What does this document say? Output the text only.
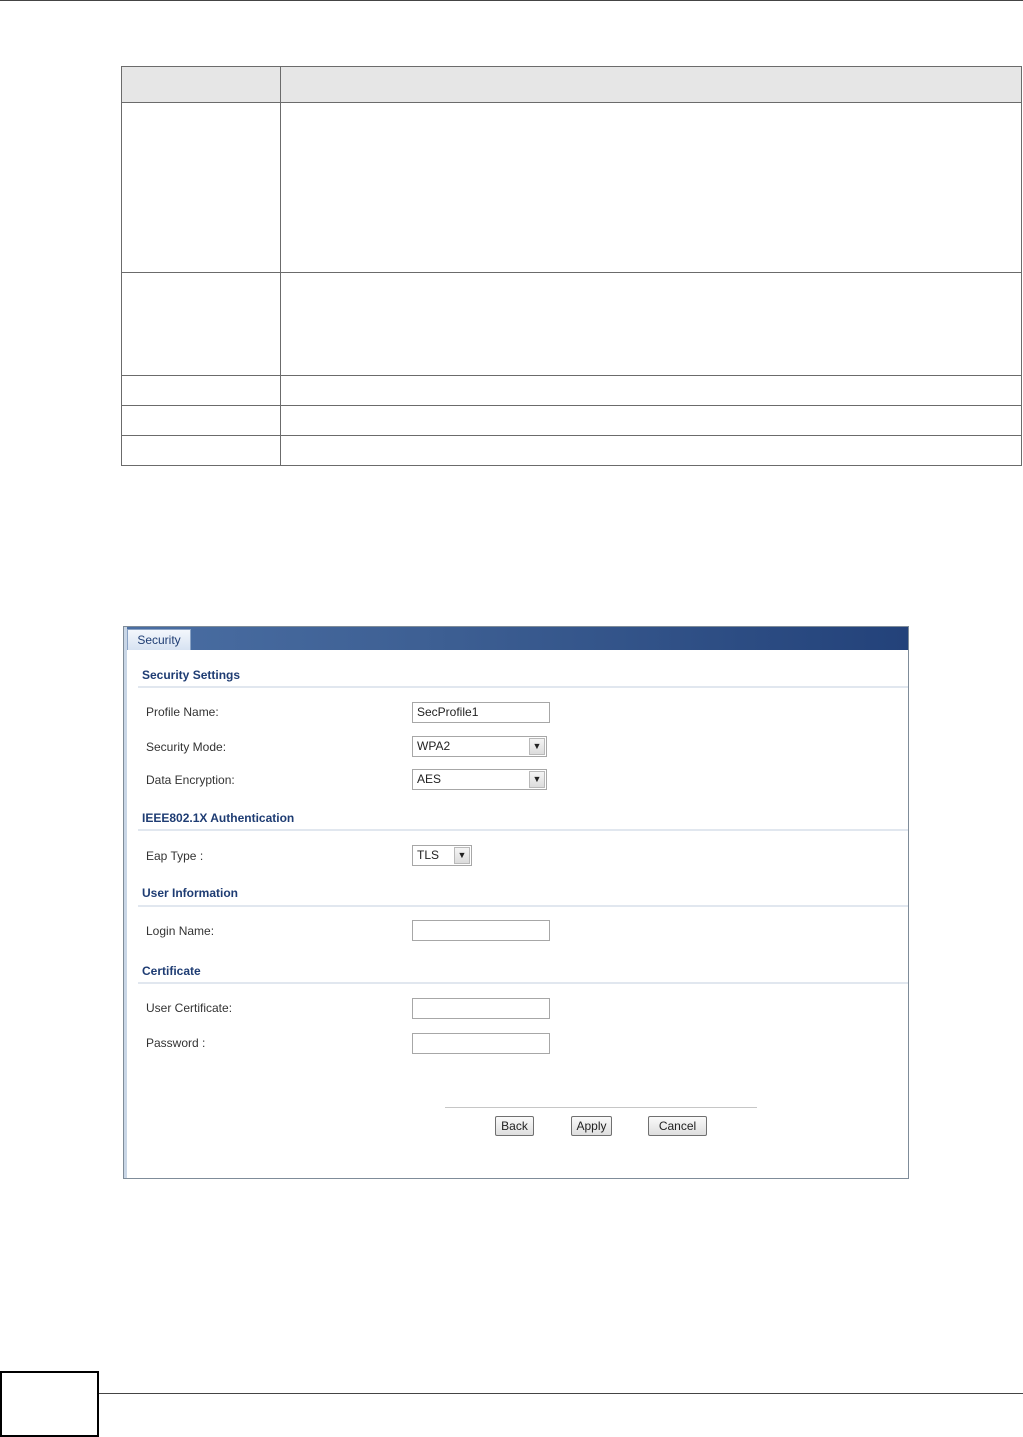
Security
Security Settings
Profile Name:	SecProfile1
Security Mode:	WPA2	▼
Data Encryption:	AES	▼
IEEE802.1X Authentication
Eap Type :	TLS	▼
User Information
Login Name:
Certificate
User Certificate:
Password :
Back	Apply	Cancel
